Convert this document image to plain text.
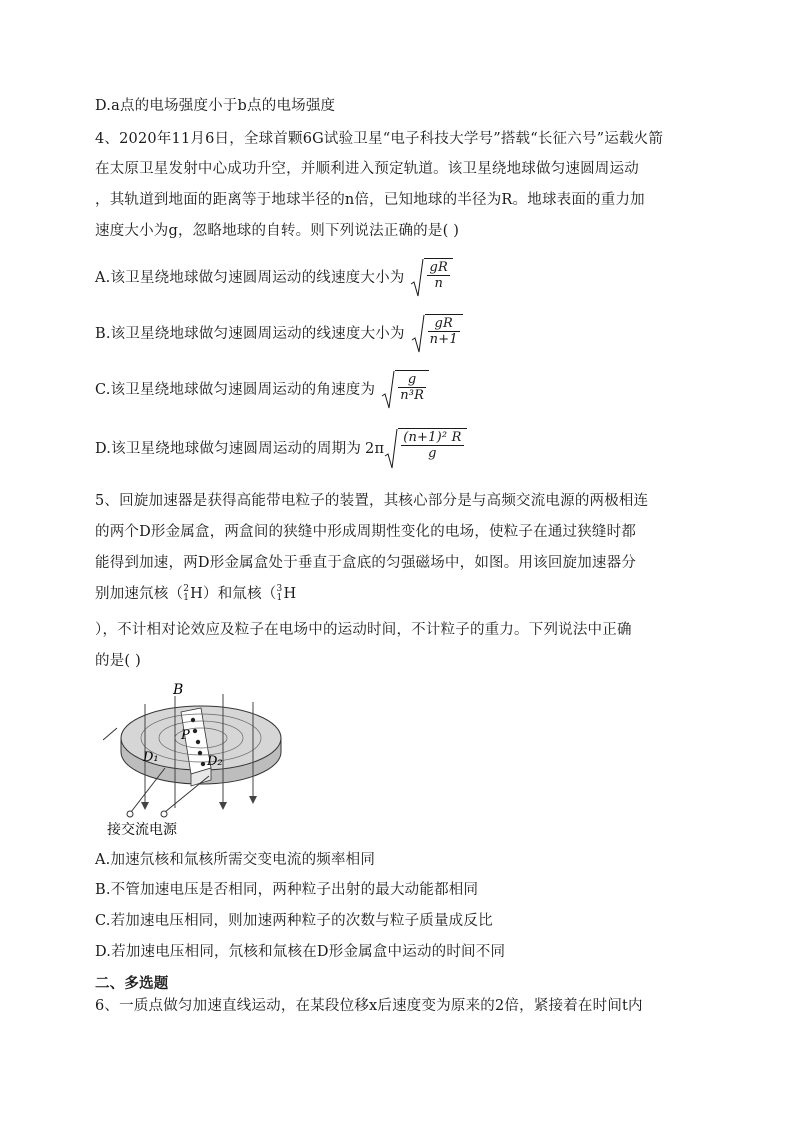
D.a点的电场强度小于b点的电场强度
4、2020年11月6日，全球首颗6G试验卫星“电子科技大学号”搭载“长征六号”运载火箭
在太原卫星发射中心成功升空，并顺利进入预定轨道。该卫星绕地球做匀速圆周运动
，其轨道到地面的距离等于地球半径的n倍，已知地球的半径为R。地球表面的重力加
速度大小为g，忽略地球的自转。则下列说法正确的是( )
A.该卫星绕地球做匀速圆周运动的线速度大小为 $\frac{gR}{n}$
B.该卫星绕地球做匀速圆周运动的线速度大小为 $\frac{gR}{n+1}$
C.该卫星绕地球做匀速圆周运动的角速度为 $\frac{g}{\text{n³R}}$
D.该卫星绕地球做匀速圆周运动的周期为 $2\pi \frac{\text{(n+1)² R}}{g}$
5、回旋加速器是获得高能带电粒子的装置，其核心部分是与高频交流电源的两极相连
的两个D形金属盒，两盒间的狭缝中形成周期性变化的电场，使粒子在通过狭缝时都
能得到加速，两D形金属盒处于垂直于盒底的匀强磁场中，如图。用该回旋加速器分
别加速氘核（ 2
1 H ）和氚核（ 3
1 H
），不计相对论效应及粒子在电场中的运动时间，不计粒子的重力。下列说法中正确
的是( )
B
P
D₁	D₂
接交流电源
A.加速氘核和氚核所需交变电流的频率相同
B.不管加速电压是否相同，两种粒子出射的最大动能都相同
C.若加速电压相同，则加速两种粒子的次数与粒子质量成反比
D.若加速电压相同，氘核和氚核在D形金属盒中运动的时间不同
二、多选题
6、一质点做匀加速直线运动，在某段位移x后速度变为原来的2倍，紧接着在时间t内
